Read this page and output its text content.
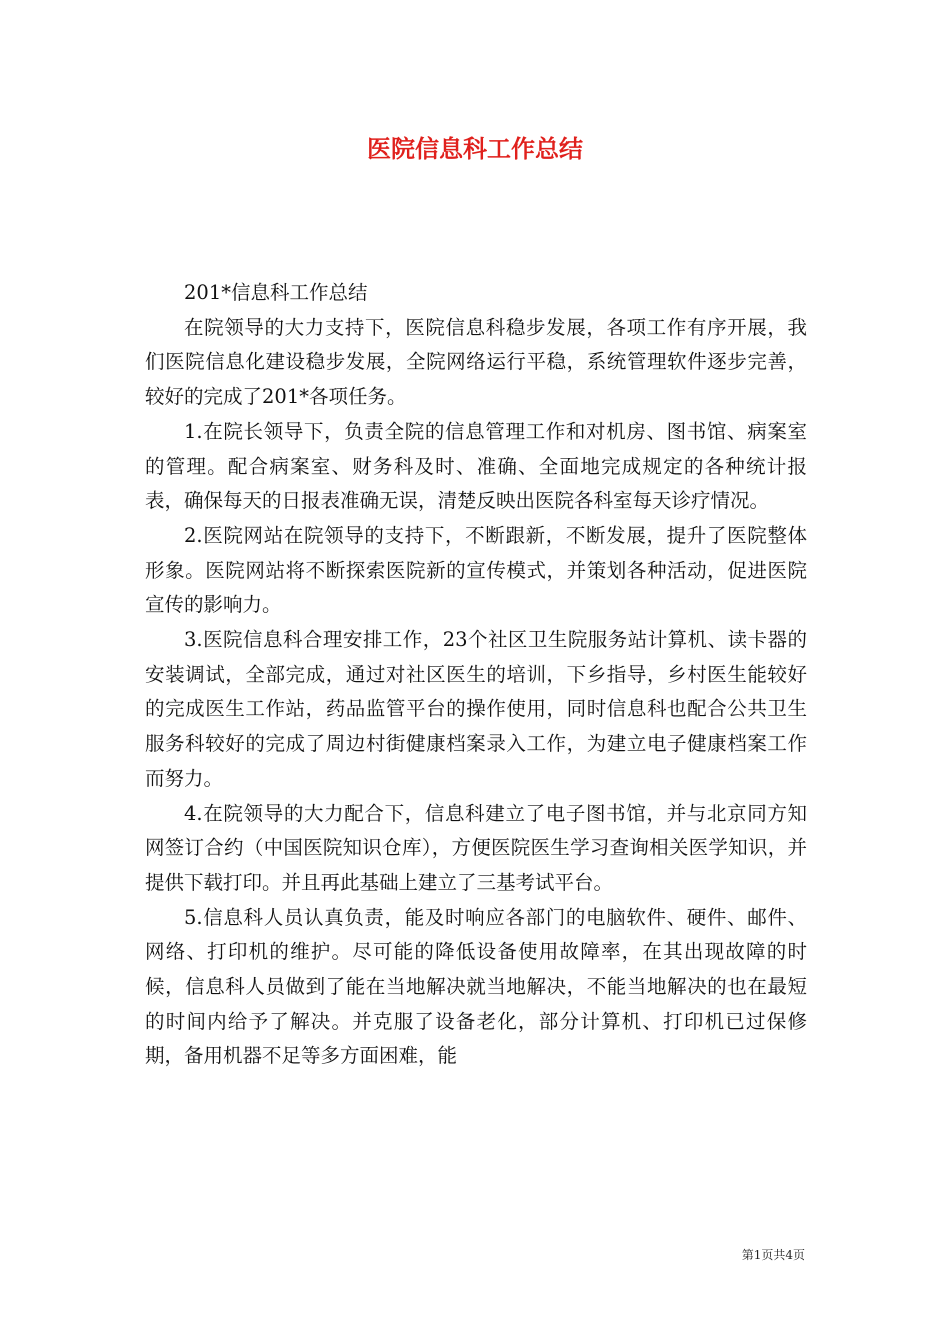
医院信息科工作总结

201*信息科工作总结

在院领导的大力支持下，医院信息科稳步发展，各项工作有序开展，我们医院信息化建设稳步发展，全院网络运行平稳，系统管理软件逐步完善，较好的完成了201*各项任务。

1.在院长领导下，负责全院的信息管理工作和对机房、图书馆、病案室的管理。配合病案室、财务科及时、准确、全面地完成规定的各种统计报表，确保每天的日报表准确无误，清楚反映出医院各科室每天诊疗情况。

2.医院网站在院领导的支持下，不断跟新，不断发展，提升了医院整体形象。医院网站将不断探索医院新的宣传模式，并策划各种活动，促进医院宣传的影响力。

3.医院信息科合理安排工作，23个社区卫生院服务站计算机、读卡器的安装调试，全部完成，通过对社区医生的培训，下乡指导，乡村医生能较好的完成医生工作站，药品监管平台的操作使用，同时信息科也配合公共卫生服务科较好的完成了周边村街健康档案录入工作，为建立电子健康档案工作而努力。

4.在院领导的大力配合下，信息科建立了电子图书馆，并与北京同方知网签订合约（中国医院知识仓库），方便医院医生学习查询相关医学知识，并提供下载打印。并且再此基础上建立了三基考试平台。

5.信息科人员认真负责，能及时响应各部门的电脑软件、硬件、邮件、网络、打印机的维护。尽可能的降低设备使用故障率，在其出现故障的时候，信息科人员做到了能在当地解决就当地解决，不能当地解决的也在最短的时间内给予了解决。并克服了设备老化，部分计算机、打印机已过保修期，备用机器不足等多方面困难，能

第1页共4页
